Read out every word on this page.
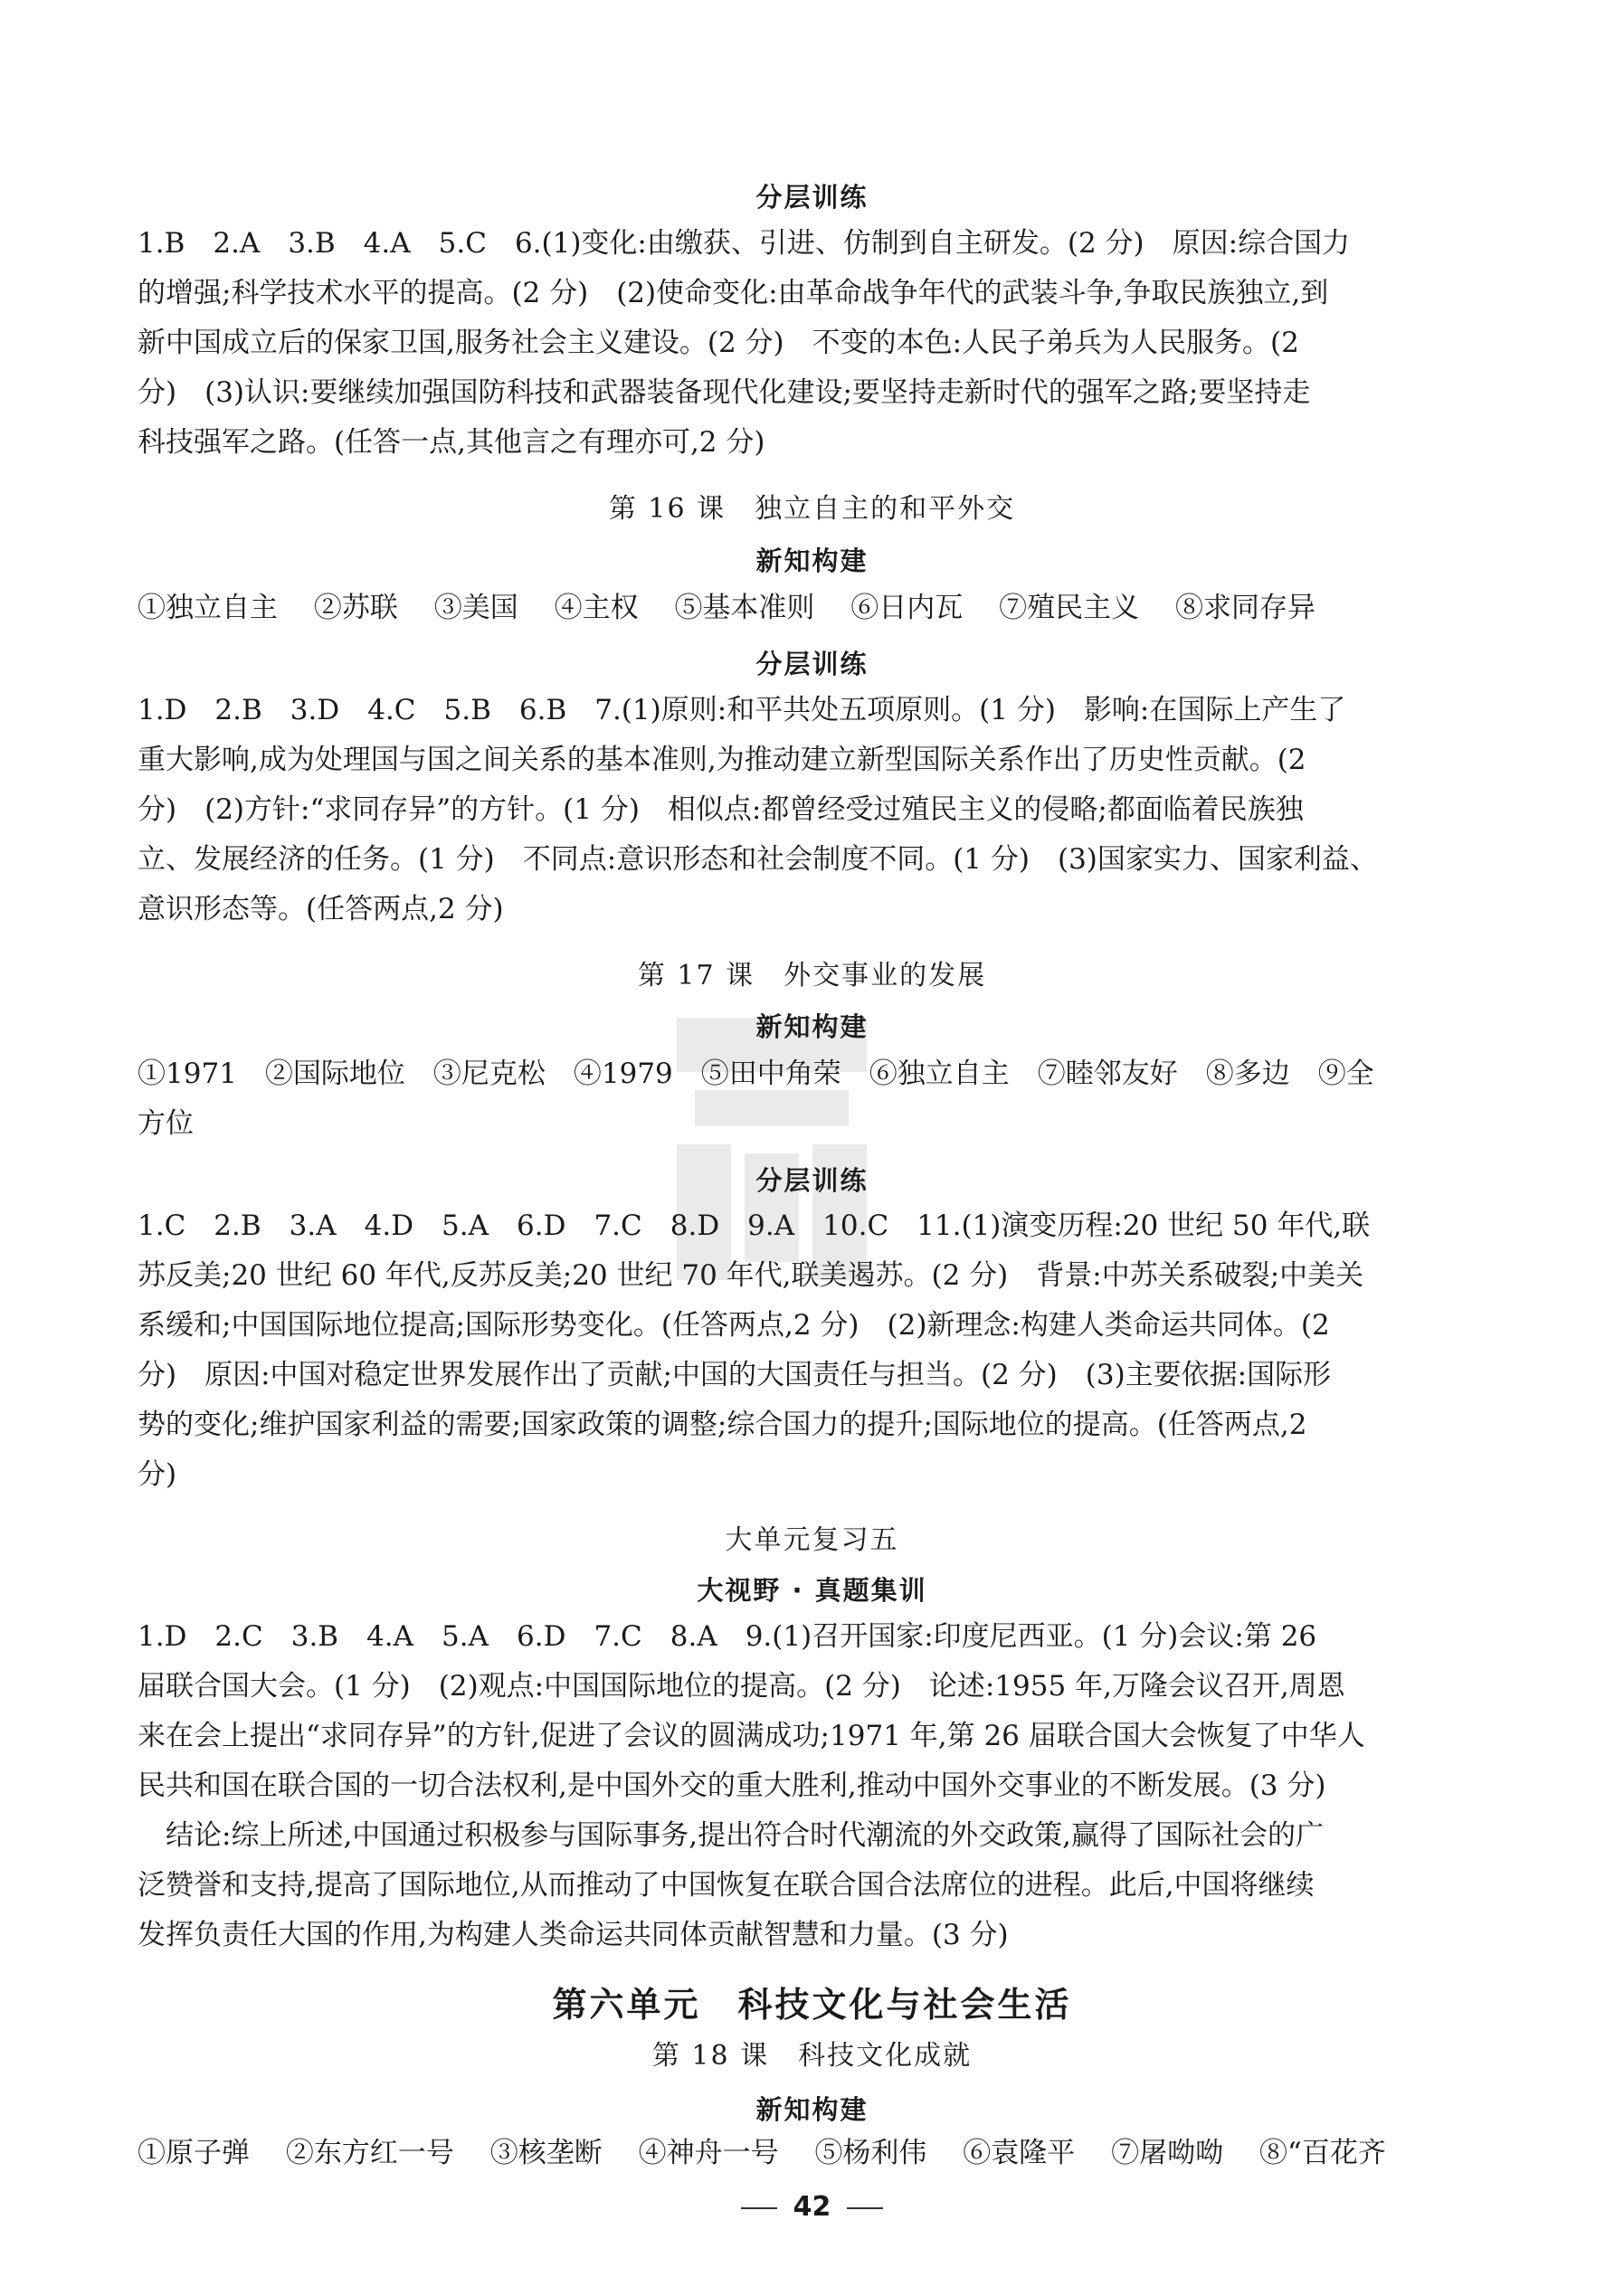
分层训练
1.B　2.A　3.B　4.A　5.C　6.(1)变化:由缴获、引进、仿制到自主研发。(2 分)　原因:综合国力
的增强;科学技术水平的提高。(2 分)　(2)使命变化:由革命战争年代的武装斗争,争取民族独立,到
新中国成立后的保家卫国,服务社会主义建设。(2 分)　不变的本色:人民子弟兵为人民服务。(2
分)　(3)认识:要继续加强国防科技和武器装备现代化建设;要坚持走新时代的强军之路;要坚持走
科技强军之路。(任答一点,其他言之有理亦可,2 分)
第 16 课　独立自主的和平外交
新知构建
①独立自主 ②苏联 ③美国 ④主权 ⑤基本准则 ⑥日内瓦 ⑦殖民主义 ⑧求同存异
分层训练
1.D　2.B　3.D　4.C　5.B　6.B　7.(1)原则:和平共处五项原则。(1 分)　影响:在国际上产生了
重大影响,成为处理国与国之间关系的基本准则,为推动建立新型国际关系作出了历史性贡献。(2
分)　(2)方针:“求同存异”的方针。(1 分)　相似点:都曾经受过殖民主义的侵略;都面临着民族独
立、发展经济的任务。(1 分)　不同点:意识形态和社会制度不同。(1 分)　(3)国家实力、国家利益、
意识形态等。(任答两点,2 分)
第 17 课　外交事业的发展
新知构建
①1971　②国际地位　③尼克松　④1979　⑤田中角荣　⑥独立自主　⑦睦邻友好　⑧多边　⑨全
方位
分层训练
1.C　2.B　3.A　4.D　5.A　6.D　7.C　8.D　9.A　10.C　11.(1)演变历程:20 世纪 50 年代,联
苏反美;20 世纪 60 年代,反苏反美;20 世纪 70 年代,联美遏苏。(2 分)　背景:中苏关系破裂;中美关
系缓和;中国国际地位提高;国际形势变化。(任答两点,2 分)　(2)新理念:构建人类命运共同体。(2
分)　原因:中国对稳定世界发展作出了贡献;中国的大国责任与担当。(2 分)　(3)主要依据:国际形
势的变化;维护国家利益的需要;国家政策的调整;综合国力的提升;国际地位的提高。(任答两点,2
分)
大单元复习五
大视野 · 真题集训
1.D　2.C　3.B　4.A　5.A　6.D　7.C　8.A　9.(1)召开国家:印度尼西亚。(1 分)会议:第 26
届联合国大会。(1 分)　(2)观点:中国国际地位的提高。(2 分)　论述:1955 年,万隆会议召开,周恩
来在会上提出“求同存异”的方针,促进了会议的圆满成功;1971 年,第 26 届联合国大会恢复了中华人
民共和国在联合国的一切合法权利,是中国外交的重大胜利,推动中国外交事业的不断发展。(3 分)
　结论:综上所述,中国通过积极参与国际事务,提出符合时代潮流的外交政策,赢得了国际社会的广
泛赞誉和支持,提高了国际地位,从而推动了中国恢复在联合国合法席位的进程。此后,中国将继续
发挥负责任大国的作用,为构建人类命运共同体贡献智慧和力量。(3 分)
第六单元　科技文化与社会生活
第 18 课　科技文化成就
新知构建
①原子弹 ②东方红一号 ③核垄断 ④神舟一号 ⑤杨利伟 ⑥袁隆平 ⑦屠呦呦 ⑧“百花齐
42
